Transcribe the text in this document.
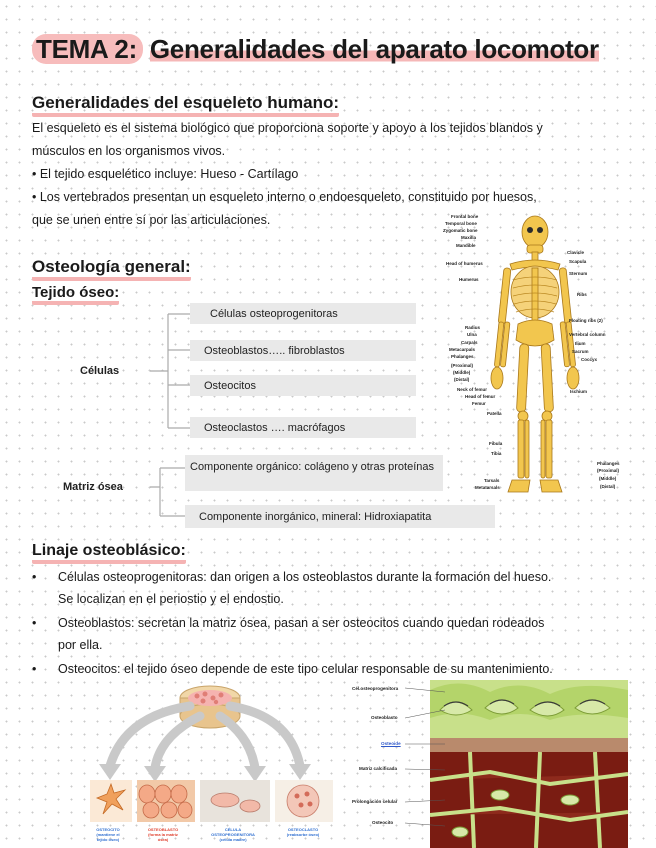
TEMA 2: Generalidades del aparato locomotor
Generalidades del esqueleto humano:
El esqueleto es el sistema biológico que proporciona soporte y apoyo a los tejidos blandos y
músculos en los organismos vivos.
• El tejido esquelético incluye: Hueso - Cartílago
• Los vertebrados presentan un esqueleto interno o endoesqueleto, constituido por huesos,
que se unen entre sí por las articulaciones.
Osteología general:
Tejido óseo:
Células
Células osteoprogenitoras
Osteoblastos….. fibroblastos
Osteocitos
Osteoclastos …. macrófagos
Matriz ósea
Componente orgánico: colágeno y otras proteínas
Componente inorgánico, mineral: Hidroxiapatita
Frontal bone
Temporal bone
Zygomatic bone
Maxilla
Mandible
Head of humerus
Humerus
Radius
Ulna
Carpals
Metacarpals
Phalanges
(Proximal)
(Middle)
(Distal)
Neck of femur
Head of femur
Femur
Patella
Fibula
Tibia
Tarsals
Metatarsals
Clavicle
Scapula
Sternum
Ribs
Floating ribs (2)
Vertebral column
Ilium
Sacrum
Coccyx
Ischium
Phalanges
(Proximal)
(Middle)
(Distal)
Linaje osteoblásico:
• Células osteoprogenitoras: dan origen a los osteoblastos durante la formación del hueso.
Se localizan en el periostio y el endostio.
• Osteoblastos: secretan la matriz ósea, pasan a ser osteocitos cuando quedan rodeados
por ella.
• Osteocitos: el tejido óseo depende de este tipo celular responsable de su mantenimiento.
OSTEOCITO
(mantiene el
tejido óseo)
OSTEOBLASTO
(forma la matriz
ósea)
CÉLULA
OSTEOPROGENITORA
(célula madre)
OSTEOCLASTO
(reabsorbe óseo)
Cél.osteoprogenitora
Osteoblasto
Osteoide
Matriz calcificada
Prolongación celular
Osteocito
